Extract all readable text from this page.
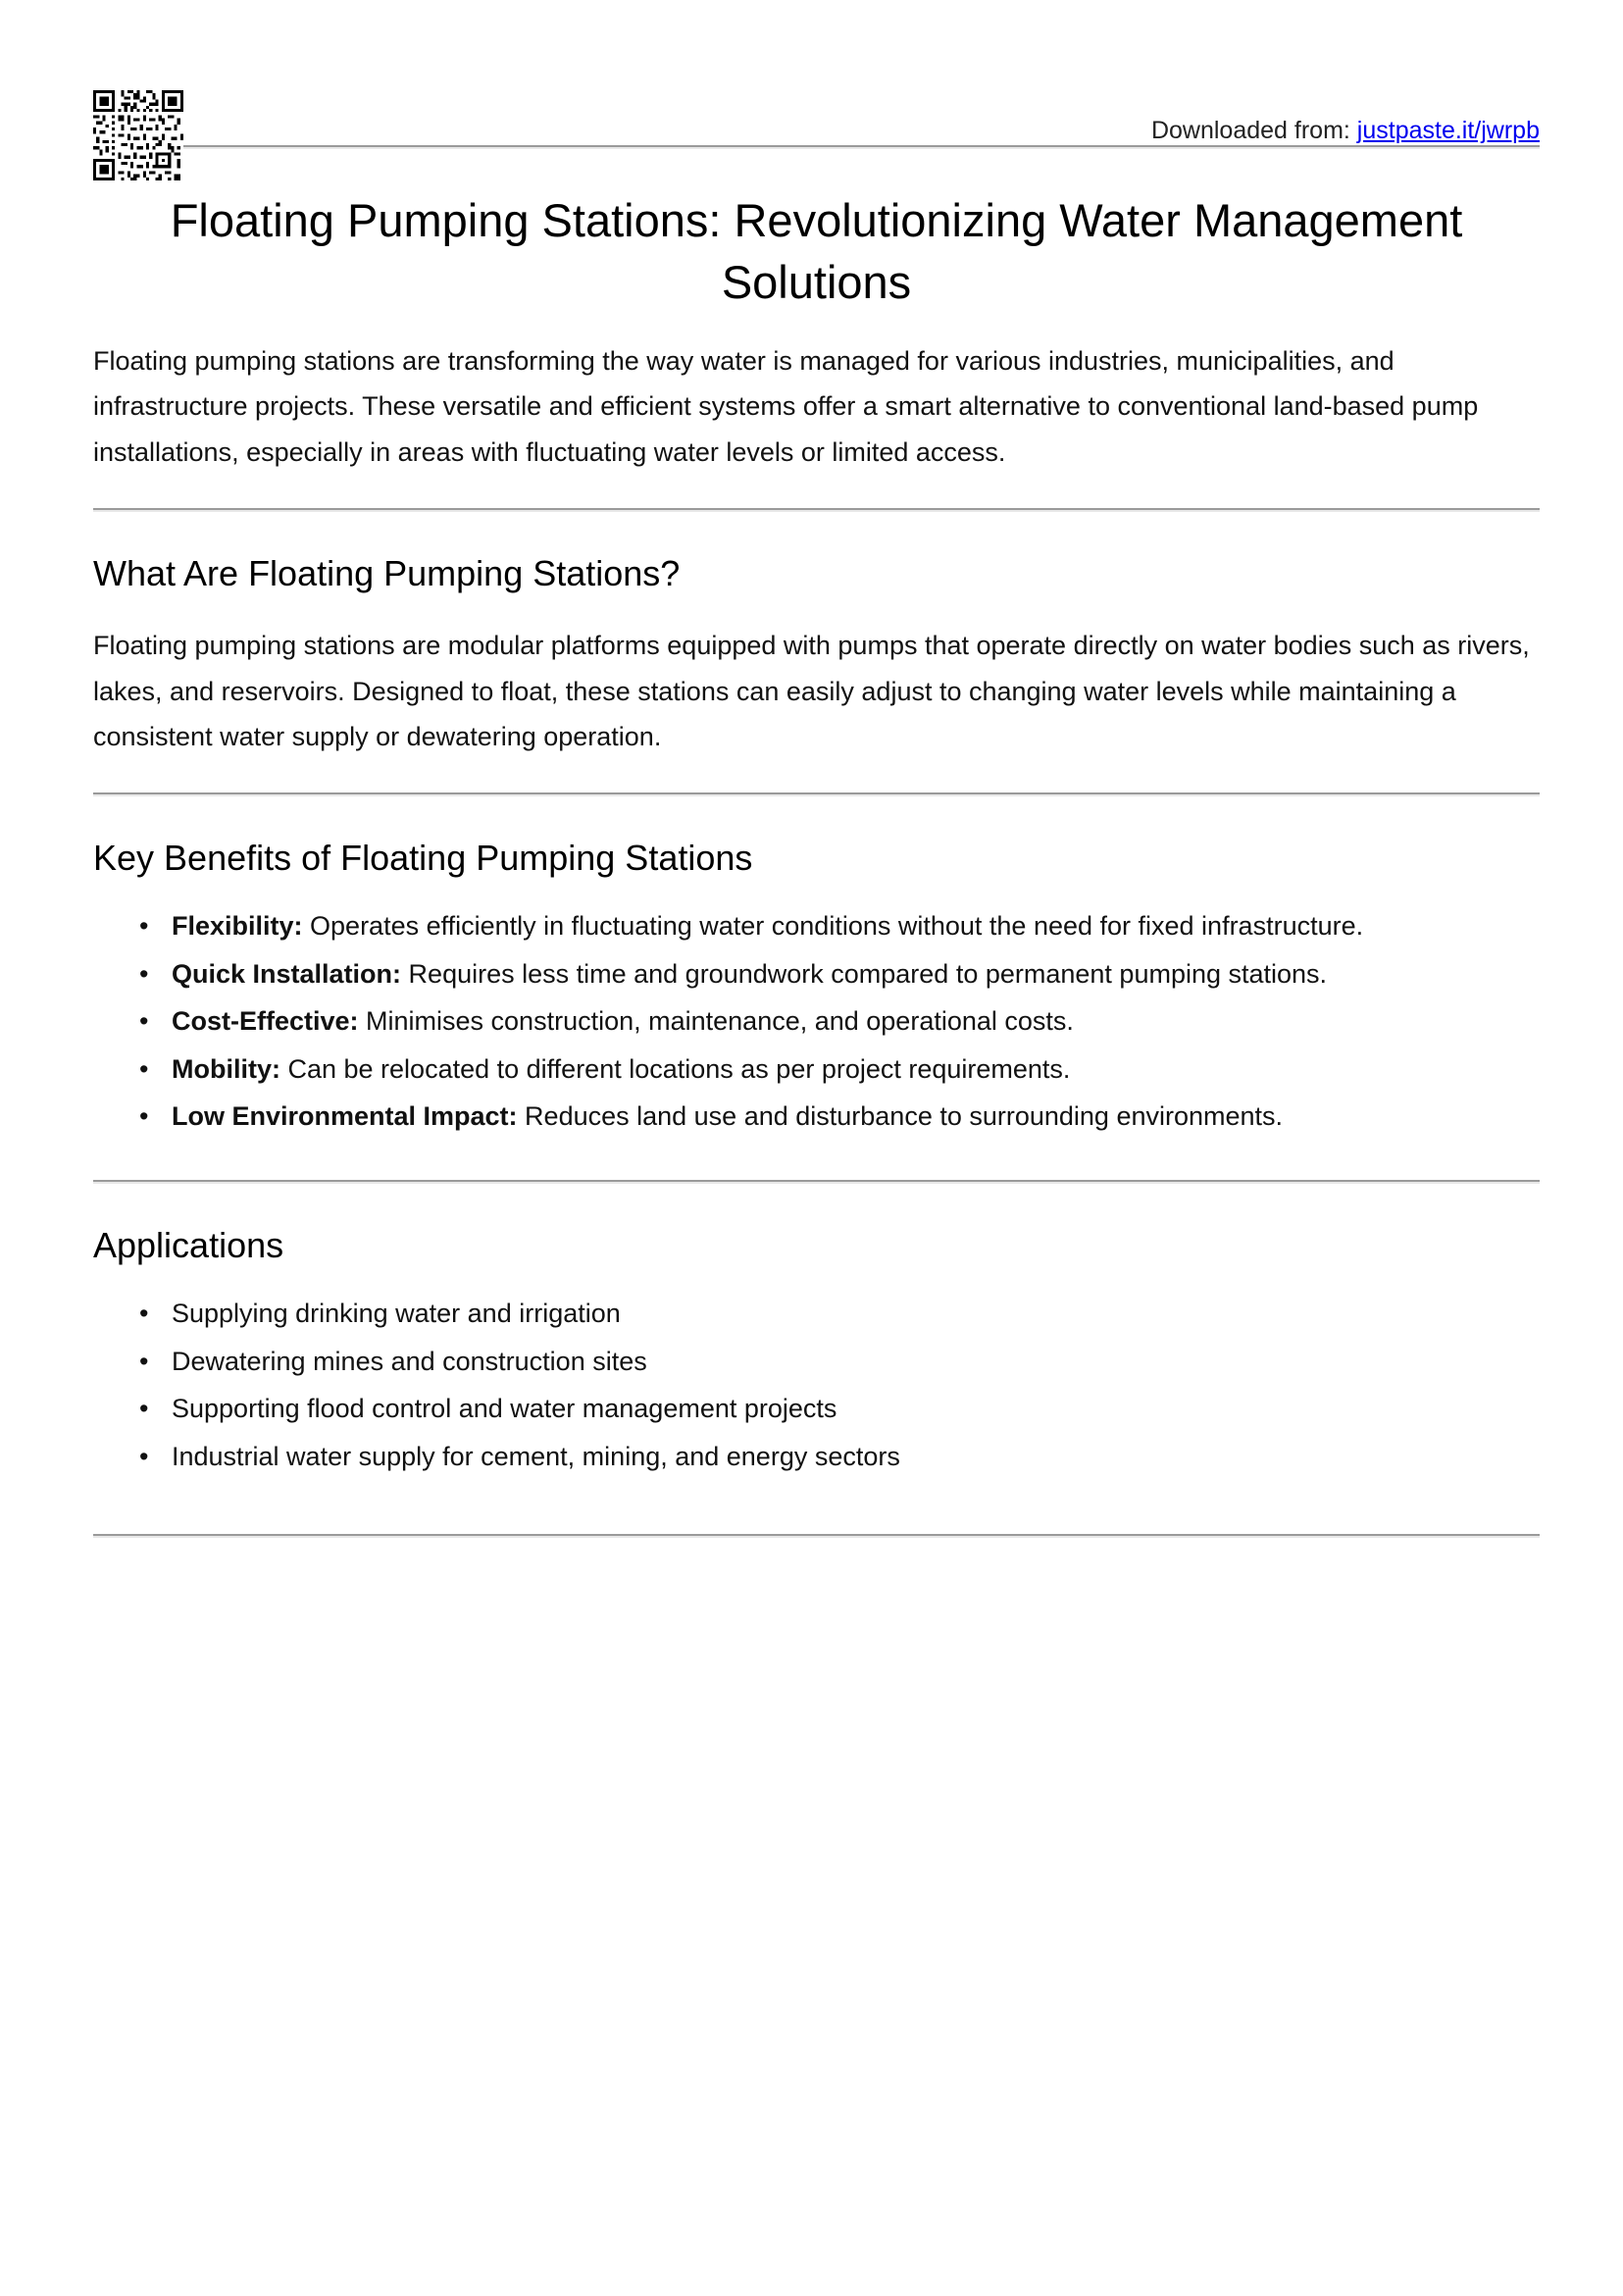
Downloaded from: justpaste.it/jwrpb
Floating Pumping Stations: Revolutionizing Water Management Solutions

Floating pumping stations are transforming the way water is managed for various industries, municipalities, and infrastructure projects. These versatile and efficient systems offer a smart alternative to conventional land-based pump installations, especially in areas with fluctuating water levels or limited access.

What Are Floating Pumping Stations?

Floating pumping stations are modular platforms equipped with pumps that operate directly on water bodies such as rivers, lakes, and reservoirs. Designed to float, these stations can easily adjust to changing water levels while maintaining a consistent water supply or dewatering operation.

Key Benefits of Floating Pumping Stations
• Flexibility: Operates efficiently in fluctuating water conditions without the need for fixed infrastructure.
• Quick Installation: Requires less time and groundwork compared to permanent pumping stations.
• Cost-Effective: Minimises construction, maintenance, and operational costs.
• Mobility: Can be relocated to different locations as per project requirements.
• Low Environmental Impact: Reduces land use and disturbance to surrounding environments.
Applications
• Supplying drinking water and irrigation
• Dewatering mines and construction sites
• Supporting flood control and water management projects
• Industrial water supply for cement, mining, and energy sectors
